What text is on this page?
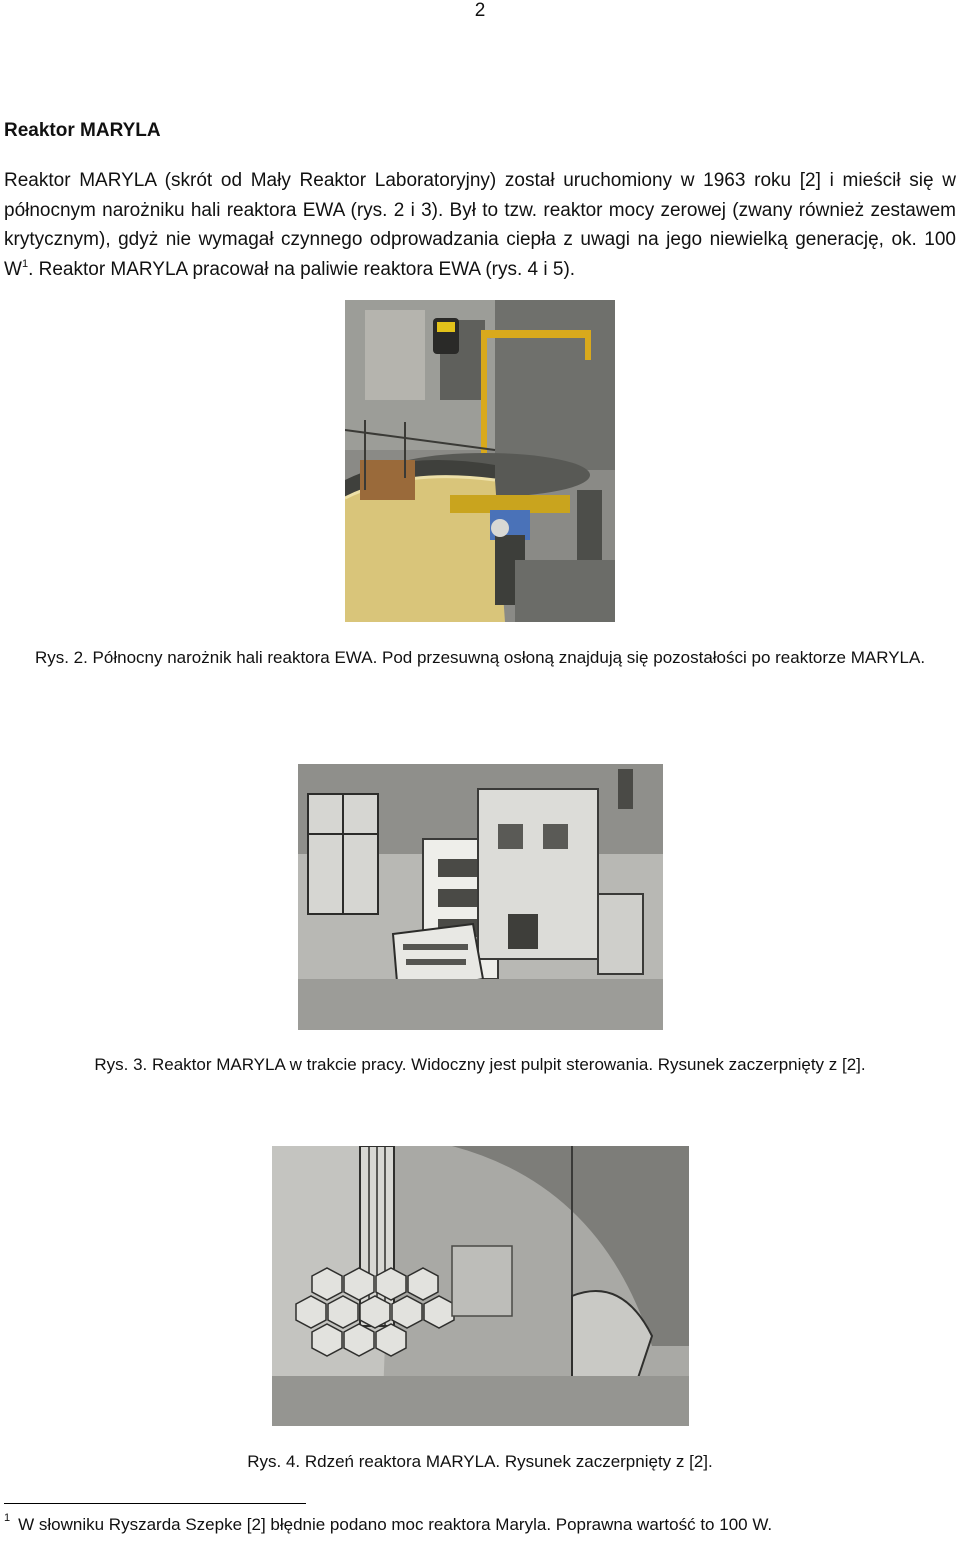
2
Reaktor MARYLA
Reaktor MARYLA (skrót od Mały Reaktor Laboratoryjny) został uruchomiony w 1963 roku [2] i mieścił się w północnym narożniku hali reaktora EWA (rys. 2 i 3). Był to tzw. reaktor mocy zerowej (zwany również zestawem krytycznym), gdyż nie wymagał czynnego odprowadzania ciepła z uwagi na jego niewielką generację, ok. 100 $W^1$. Reaktor MARYLA pracował na paliwie reaktora EWA (rys. 4 i 5).
Rys. 2. Północny narożnik hali reaktora EWA. Pod przesuwną osłoną znajdują się pozostałości po reaktorze MARYLA.
Rys. 3. Reaktor MARYLA w trakcie pracy. Widoczny jest pulpit sterowania. Rysunek zaczerpnięty z [2].
Rys. 4. Rdzeń reaktora MARYLA. Rysunek zaczerpnięty z [2].
$^1$ W słowniku Ryszarda Szepke [2] błędnie podano moc reaktora Maryla. Poprawna wartość to 100 W.
